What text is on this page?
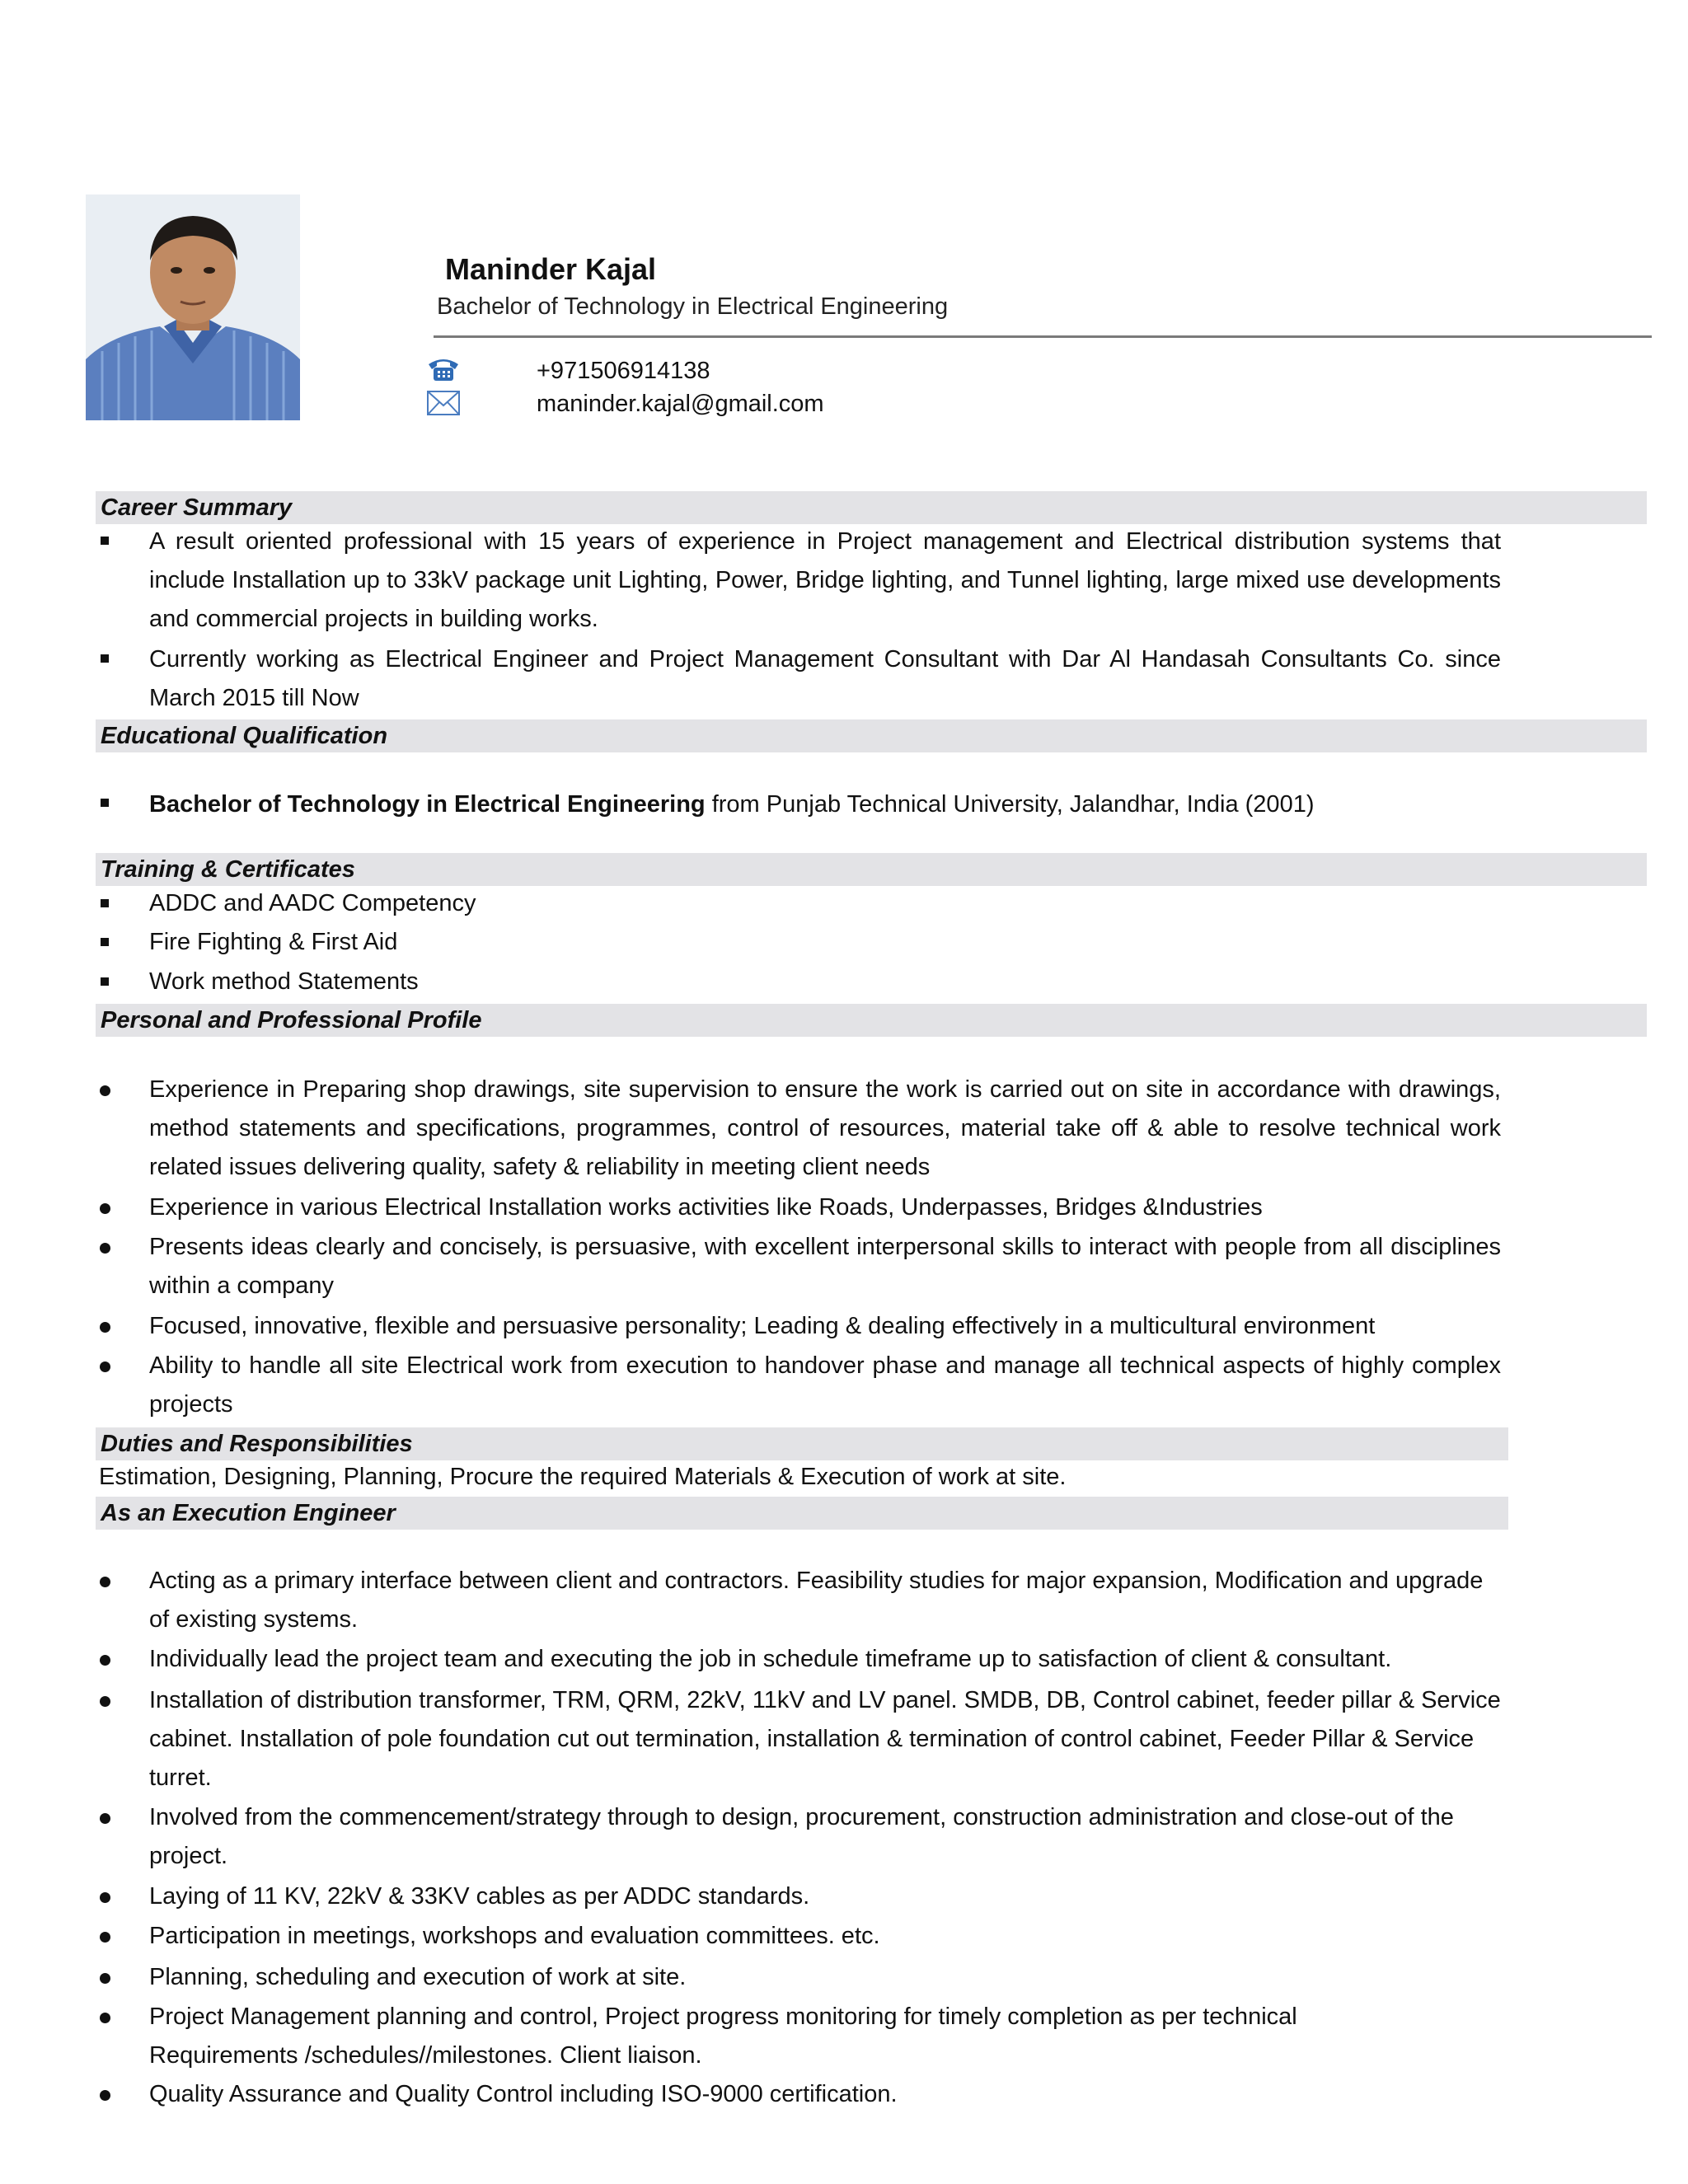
Maninder Kajal
Bachelor of Technology in Electrical Engineering
+971506914138
maninder.kajal@gmail.com
Career Summary
A result oriented professional with 15 years of experience in Project management and Electrical distribution systems that include Installation up to 33kV package unit Lighting, Power, Bridge lighting, and Tunnel lighting, large mixed use developments and commercial projects in building works.
Currently working as Electrical Engineer and Project Management Consultant with Dar Al Handasah Consultants Co. since March 2015 till Now
Educational Qualification
Bachelor of Technology in Electrical Engineering from Punjab Technical University, Jalandhar, India (2001)
Training & Certificates
ADDC and AADC Competency
Fire Fighting & First Aid
Work method Statements
Personal and Professional Profile
Experience in Preparing shop drawings, site supervision to ensure the work is carried out on site in accordance with drawings, method statements and specifications, programmes, control of resources, material take off & able to resolve technical work related issues delivering quality, safety & reliability in meeting client needs
Experience in various Electrical Installation works activities like Roads, Underpasses, Bridges &Industries
Presents ideas clearly and concisely, is persuasive, with excellent interpersonal skills to interact with people from all disciplines within a company
Focused, innovative, flexible and persuasive personality; Leading & dealing effectively in a multicultural environment
Ability to handle all site Electrical work from execution to handover phase and manage all technical aspects of highly complex projects
Duties and Responsibilities
Estimation, Designing, Planning, Procure the required Materials & Execution of work at site.
As an Execution Engineer
Acting as a primary interface between client and contractors. Feasibility studies for major expansion, Modification and upgrade of existing systems.
Individually lead the project team and executing the job in schedule timeframe up to satisfaction of client & consultant.
Installation of distribution transformer, TRM, QRM, 22kV, 11kV and LV panel. SMDB, DB, Control cabinet, feeder pillar & Service cabinet. Installation of pole foundation cut out termination, installation & termination of control cabinet, Feeder Pillar & Service turret.
Involved from the commencement/strategy through to design, procurement, construction administration and close-out of the project.
Laying of 11 KV, 22kV & 33KV cables as per ADDC standards.
Participation in meetings, workshops and evaluation committees. etc.
Planning, scheduling and execution of work at site.
Project Management planning and control, Project progress monitoring for timely completion as per technical Requirements /schedules//milestones. Client liaison.
Quality Assurance and Quality Control including ISO-9000 certification.
